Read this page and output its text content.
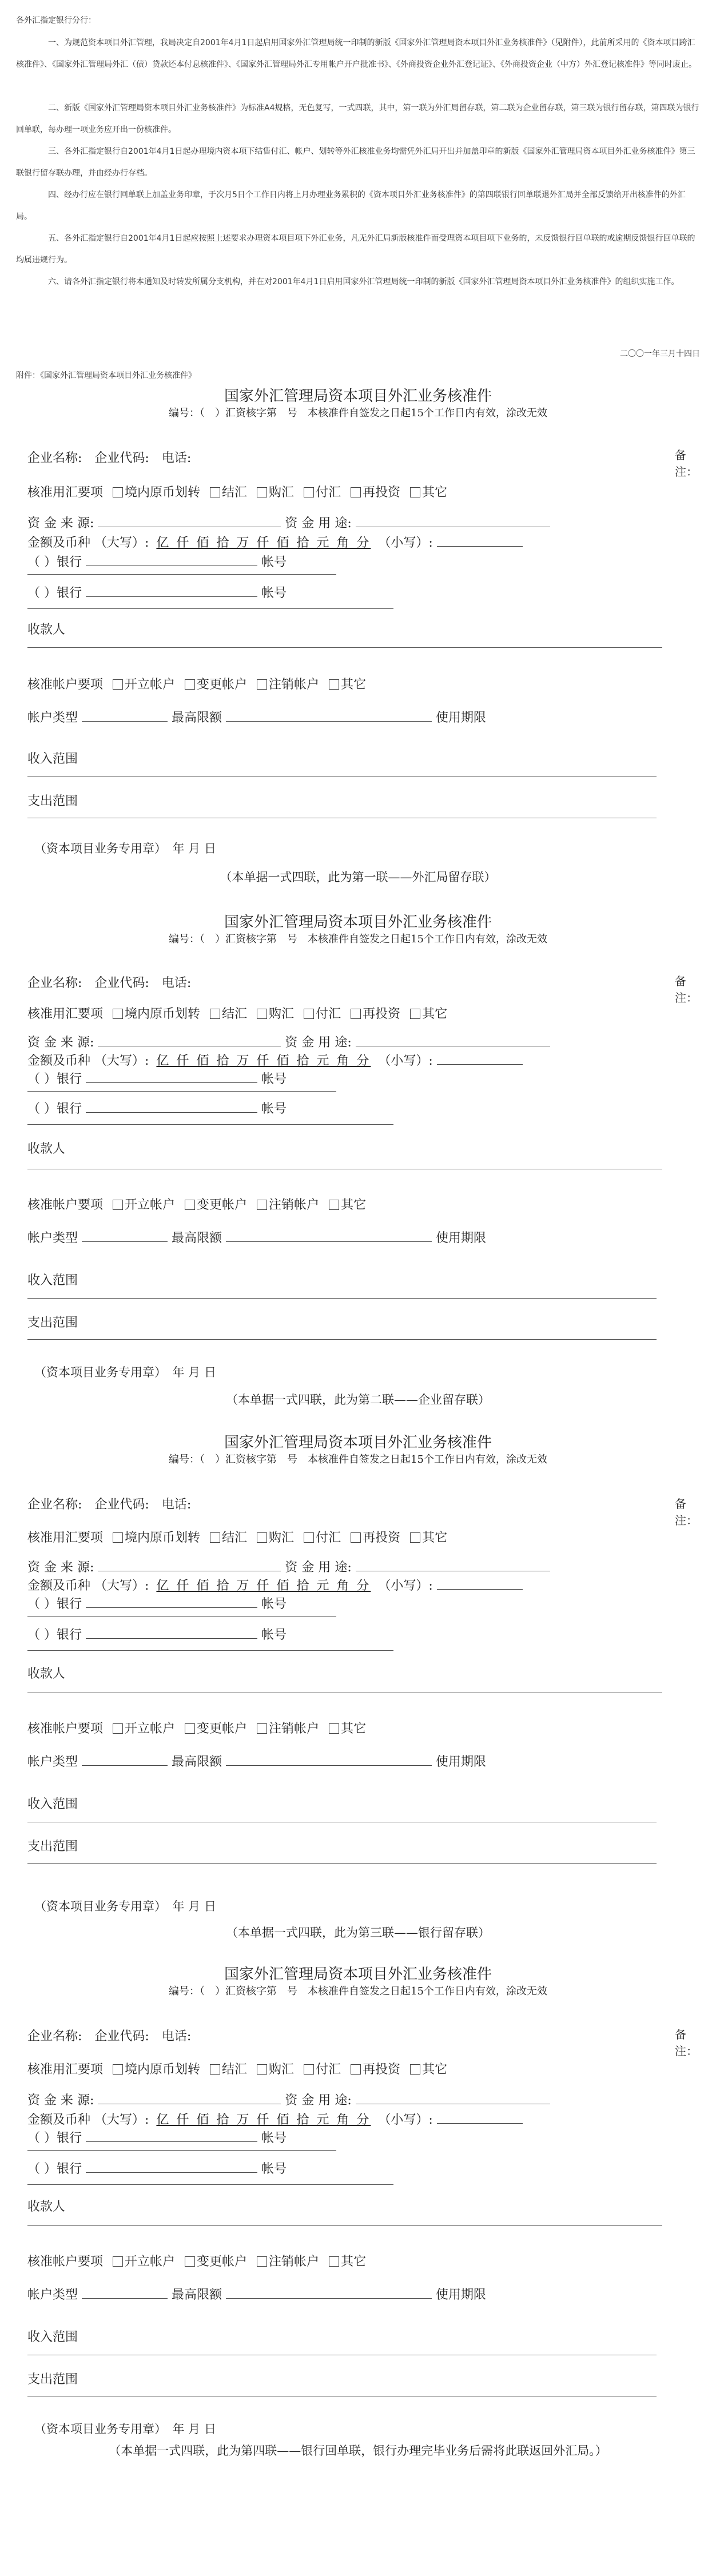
各外汇指定银行分行：
一、为规范资本项目外汇管理，我局决定自2001年4月1日起启用国家外汇管理局统一印制的新版《国家外汇管理局资本项目外汇业务核准件》（见附件），此前所采用的《资本项目跨汇核准件》、《国家外汇管理局外汇（债）贷款还本付息核准件》、《国家外汇管理局外汇专用帐户开户批准书》、《外商投资企业外汇登记证》、《外商投资企业（中方）外汇登记核准件》等同时废止。
二、新版《国家外汇管理局资本项目外汇业务核准件》为标准A4规格，无色复写，一式四联，其中，第一联为外汇局留存联，第二联为企业留存联，第三联为银行留存联，第四联为银行回单联，每办理一项业务应开出一份核准件。
三、各外汇指定银行自2001年4月1日起办理境内资本项下结售付汇、帐户、划转等外汇核准业务均需凭外汇局开出并加盖印章的新版《国家外汇管理局资本项目外汇业务核准件》第三联银行留存联办理，并由经办行存档。
四、经办行应在银行回单联上加盖业务印章，于次月5日个工作日内将上月办理业务累积的《资本项目外汇业务核准件》的第四联银行回单联退外汇局并全部反馈给开出核准件的外汇局。
五、各外汇指定银行自2001年4月1日起应按照上述要求办理资本项目项下外汇业务，凡无外汇局新版核准件而受理资本项目项下业务的，未反馈银行回单联的或逾期反馈银行回单联的均属违规行为。
六、请各外汇指定银行将本通知及时转发所属分支机构，并在对2001年4月1日启用国家外汇管理局统一印制的新版《国家外汇管理局资本项目外汇业务核准件》的组织实施工作。
二〇〇一年三月十四日
附件：《国家外汇管理局资本项目外汇业务核准件》
国家外汇管理局资本项目外汇业务核准件
编号：（　）汇资核字第　号　本核准件自签发之日起15个工作日内有效，涂改无效
备注：
企业名称:　企业代码:　电话:
核准用汇要项 境内原币划转 结汇 购汇 付汇 再投资 其它
资 金 来 源:	资 金 用 途:
金额及币种 （大写）: 亿 仟 佰 拾 万 仟 佰 拾 元 角 分 （小写）:
（ ）银行	帐号
（ ）银行	帐号
收款人
核准帐户要项 开立帐户 变更帐户 注销帐户 其它
帐户类型	最高限额	使用期限
收入范围
支出范围
（资本项目业务专用章）　年 月 日
（本单据一式四联，此为第一联——外汇局留存联）
国家外汇管理局资本项目外汇业务核准件
编号：（　）汇资核字第　号　本核准件自签发之日起15个工作日内有效，涂改无效
备注：
企业名称:　企业代码:　电话:
核准用汇要项 境内原币划转 结汇 购汇 付汇 再投资 其它
资 金 来 源:	资 金 用 途:
金额及币种 （大写）: 亿 仟 佰 拾 万 仟 佰 拾 元 角 分 （小写）:
（ ）银行	帐号
（ ）银行	帐号
收款人
核准帐户要项 开立帐户 变更帐户 注销帐户 其它
帐户类型	最高限额	使用期限
收入范围
支出范围
（资本项目业务专用章）　年 月 日
（本单据一式四联，此为第二联——企业留存联）
国家外汇管理局资本项目外汇业务核准件
编号：（　）汇资核字第　号　本核准件自签发之日起15个工作日内有效，涂改无效
备注：
企业名称:　企业代码:　电话:
核准用汇要项 境内原币划转 结汇 购汇 付汇 再投资 其它
资 金 来 源:	资 金 用 途:
金额及币种 （大写）: 亿 仟 佰 拾 万 仟 佰 拾 元 角 分 （小写）:
（ ）银行	帐号
（ ）银行	帐号
收款人
核准帐户要项 开立帐户 变更帐户 注销帐户 其它
帐户类型	最高限额	使用期限
收入范围
支出范围
（资本项目业务专用章）　年 月 日
（本单据一式四联，此为第三联——银行留存联）
国家外汇管理局资本项目外汇业务核准件
编号：（　）汇资核字第　号　本核准件自签发之日起15个工作日内有效，涂改无效
备注：
企业名称:　企业代码:　电话:
核准用汇要项 境内原币划转 结汇 购汇 付汇 再投资 其它
资 金 来 源:	资 金 用 途:
金额及币种 （大写）: 亿 仟 佰 拾 万 仟 佰 拾 元 角 分 （小写）:
（ ）银行	帐号
（ ）银行	帐号
收款人
核准帐户要项 开立帐户 变更帐户 注销帐户 其它
帐户类型	最高限额	使用期限
收入范围
支出范围
（资本项目业务专用章）　年 月 日
（本单据一式四联，此为第四联——银行回单联，银行办理完毕业务后需将此联返回外汇局。）
